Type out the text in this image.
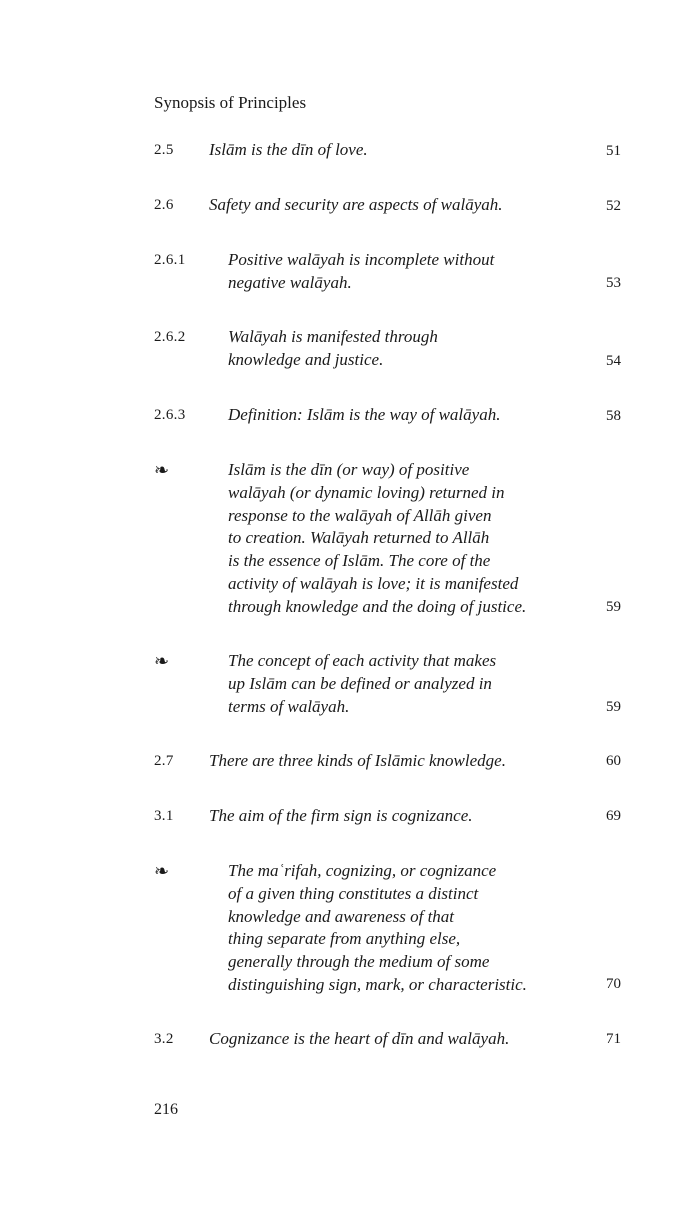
Synopsis of Principles
2.5 Islām is the dīn of love.	51
2.6 Safety and security are aspects of walāyah.	52
2.6.1	Positive walāyah is incomplete without
negative walāyah.	53
2.6.2	Walāyah is manifested through
knowledge and justice.	54
2.6.3	Definition: Islām is the way of walāyah.	58
❧	Islām is the dīn (or way) of positive
walāyah (or dynamic loving) returned in
response to the walāyah of Allāh given
to creation. Walāyah returned to Allāh
is the essence of Islām. The core of the
activity of walāyah is love; it is manifested
through knowledge and the doing of justice.	59
❧	The concept of each activity that makes
up Islām can be defined or analyzed in
terms of walāyah.	59
2.7 There are three kinds of Islāmic knowledge.	60
3.1 The aim of the firm sign is cognizance.	69
❧	The maʿrifah, cognizing, or cognizance
of a given thing constitutes a distinct
knowledge and awareness of that
thing separate from anything else,
generally through the medium of some
distinguishing sign, mark, or characteristic.	70
3.2 Cognizance is the heart of dīn and walāyah.	71
216
